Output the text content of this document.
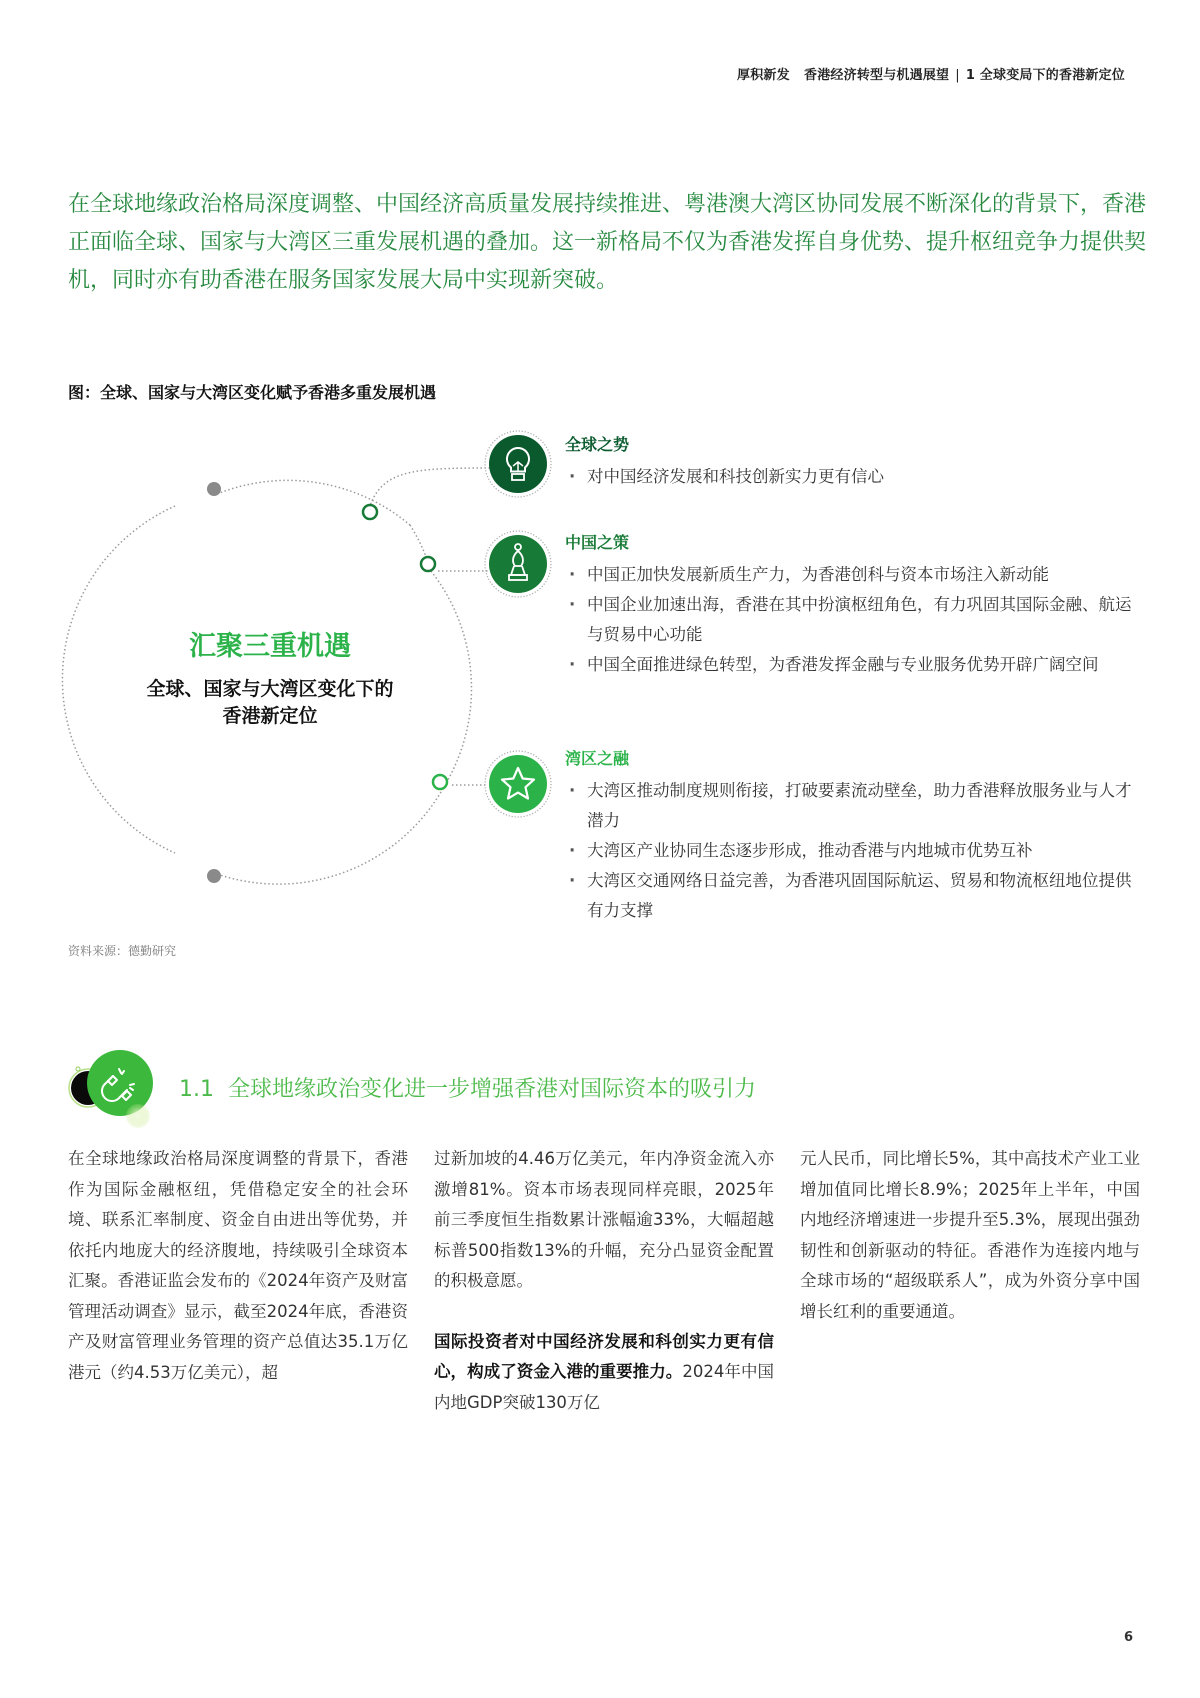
厚积新发 香港经济转型与机遇展望 | 1 全球变局下的香港新定位

在全球地缘政治格局深度调整、中国经济高质量发展持续推进、粤港澳大湾区协同发展不断深化的背景下，香港正面临全球、国家与大湾区三重发展机遇的叠加。这一新格局不仅为香港发挥自身优势、提升枢纽竞争力提供契机，同时亦有助香港在服务国家发展大局中实现新突破。

图：全球、国家与大湾区变化赋予香港多重发展机遇
汇聚三重机遇
全球、国家与大湾区变化下的
香港新定位
全球之势
· 对中国经济发展和科技创新实力更有信心
中国之策
· 中国正加快发展新质生产力，为香港创科与资本市场注入新动能
· 中国企业加速出海，香港在其中扮演枢纽角色，有力巩固其国际金融、航运与贸易中心功能
· 中国全面推进绿色转型，为香港发挥金融与专业服务优势开辟广阔空间
湾区之融
· 大湾区推动制度规则衔接，打破要素流动壁垒，助力香港释放服务业与人才潜力
· 大湾区产业协同生态逐步形成，推动香港与内地城市优势互补
· 大湾区交通网络日益完善，为香港巩固国际航运、贸易和物流枢纽地位提供有力支撑
资料来源：德勤研究
1.1 全球地缘政治变化进一步增强香港对国际资本的吸引力

在全球地缘政治格局深度调整的背景下，香港作为国际金融枢纽，凭借稳定安全的社会环境、联系汇率制度、资金自由进出等优势，并依托内地庞大的经济腹地，持续吸引全球资本汇聚。香港证监会发布的《2024年资产及财富管理活动调查》显示，截至2024年底，香港资产及财富管理业务管理的资产总值达35.1万亿港元（约4.53万亿美元），超

过新加坡的4.46万亿美元，年内净资金流入亦激增81%。资本市场表现同样亮眼，2025年前三季度恒生指数累计涨幅逾33%，大幅超越标普500指数13%的升幅，充分凸显资金配置的积极意愿。

国际投资者对中国经济发展和科创实力更有信心，构成了资金入港的重要推力。2024年中国内地GDP突破130万亿

元人民币，同比增长5%，其中高技术产业工业增加值同比增长8.9%；2025年上半年，中国内地经济增速进一步提升至5.3%，展现出强劲韧性和创新驱动的特征。香港作为连接内地与全球市场的“超级联系人”，成为外资分享中国增长红利的重要通道。

6
